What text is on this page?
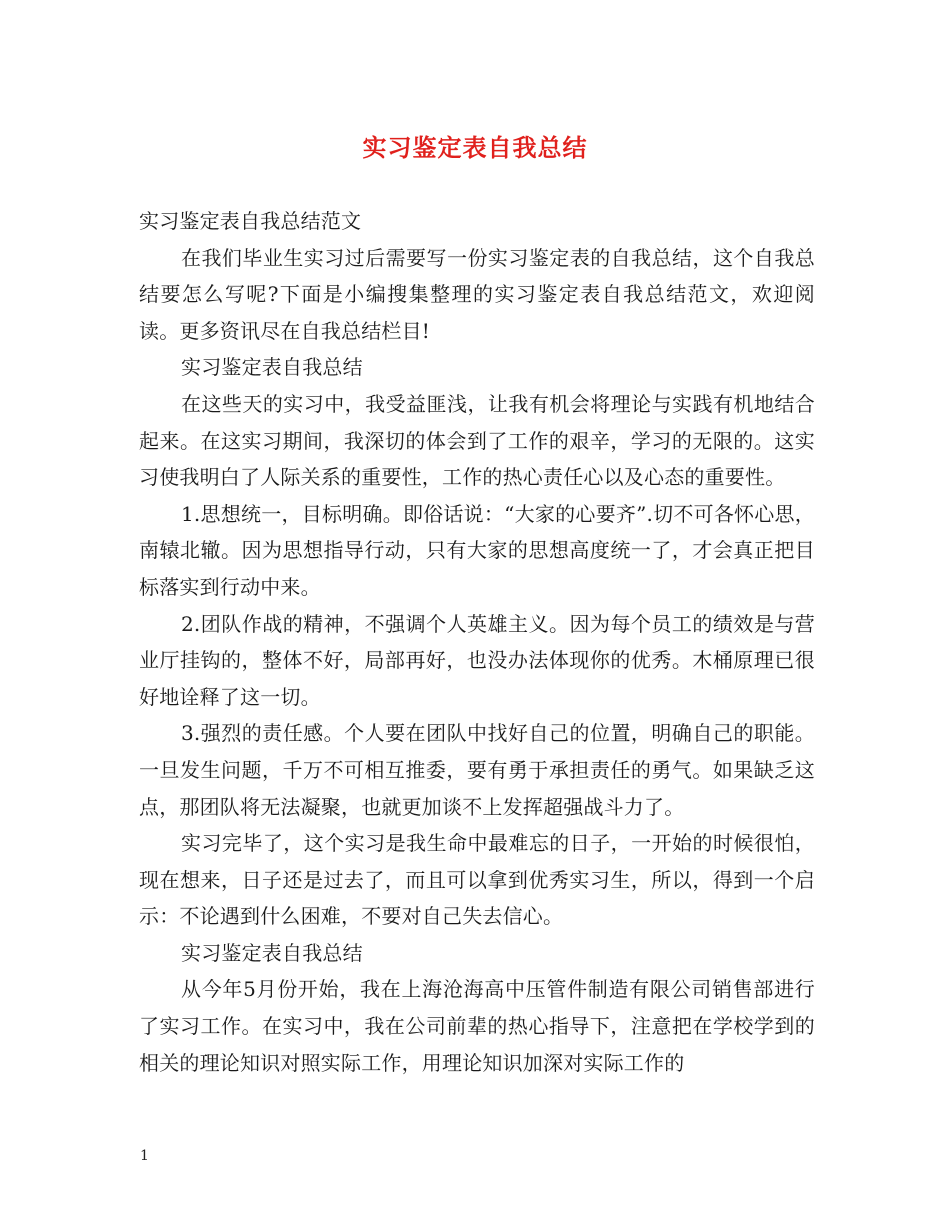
实习鉴定表自我总结

实习鉴定表自我总结范文

在我们毕业生实习过后需要写一份实习鉴定表的自我总结，这个自我总结要怎么写呢?下面是小编搜集整理的实习鉴定表自我总结范文，欢迎阅读。更多资讯尽在自我总结栏目!

实习鉴定表自我总结

在这些天的实习中，我受益匪浅，让我有机会将理论与实践有机地结合起来。在这实习期间，我深切的体会到了工作的艰辛，学习的无限的。这实习使我明白了人际关系的重要性，工作的热心责任心以及心态的重要性。

1.思想统一，目标明确。即俗话说：“大家的心要齐”.切不可各怀心思，南辕北辙。因为思想指导行动，只有大家的思想高度统一了，才会真正把目标落实到行动中来。

2.团队作战的精神，不强调个人英雄主义。因为每个员工的绩效是与营业厅挂钩的，整体不好，局部再好，也没办法体现你的优秀。木桶原理已很好地诠释了这一切。

3.强烈的责任感。个人要在团队中找好自己的位置，明确自己的职能。一旦发生问题，千万不可相互推委，要有勇于承担责任的勇气。如果缺乏这点，那团队将无法凝聚，也就更加谈不上发挥超强战斗力了。

实习完毕了，这个实习是我生命中最难忘的日子，一开始的时候很怕，现在想来，日子还是过去了，而且可以拿到优秀实习生，所以，得到一个启示：不论遇到什么困难，不要对自己失去信心。

实习鉴定表自我总结

从今年5月份开始，我在上海沧海高中压管件制造有限公司销售部进行了实习工作。在实习中，我在公司前辈的热心指导下，注意把在学校学到的相关的理论知识对照实际工作，用理论知识加深对实际工作的

1
